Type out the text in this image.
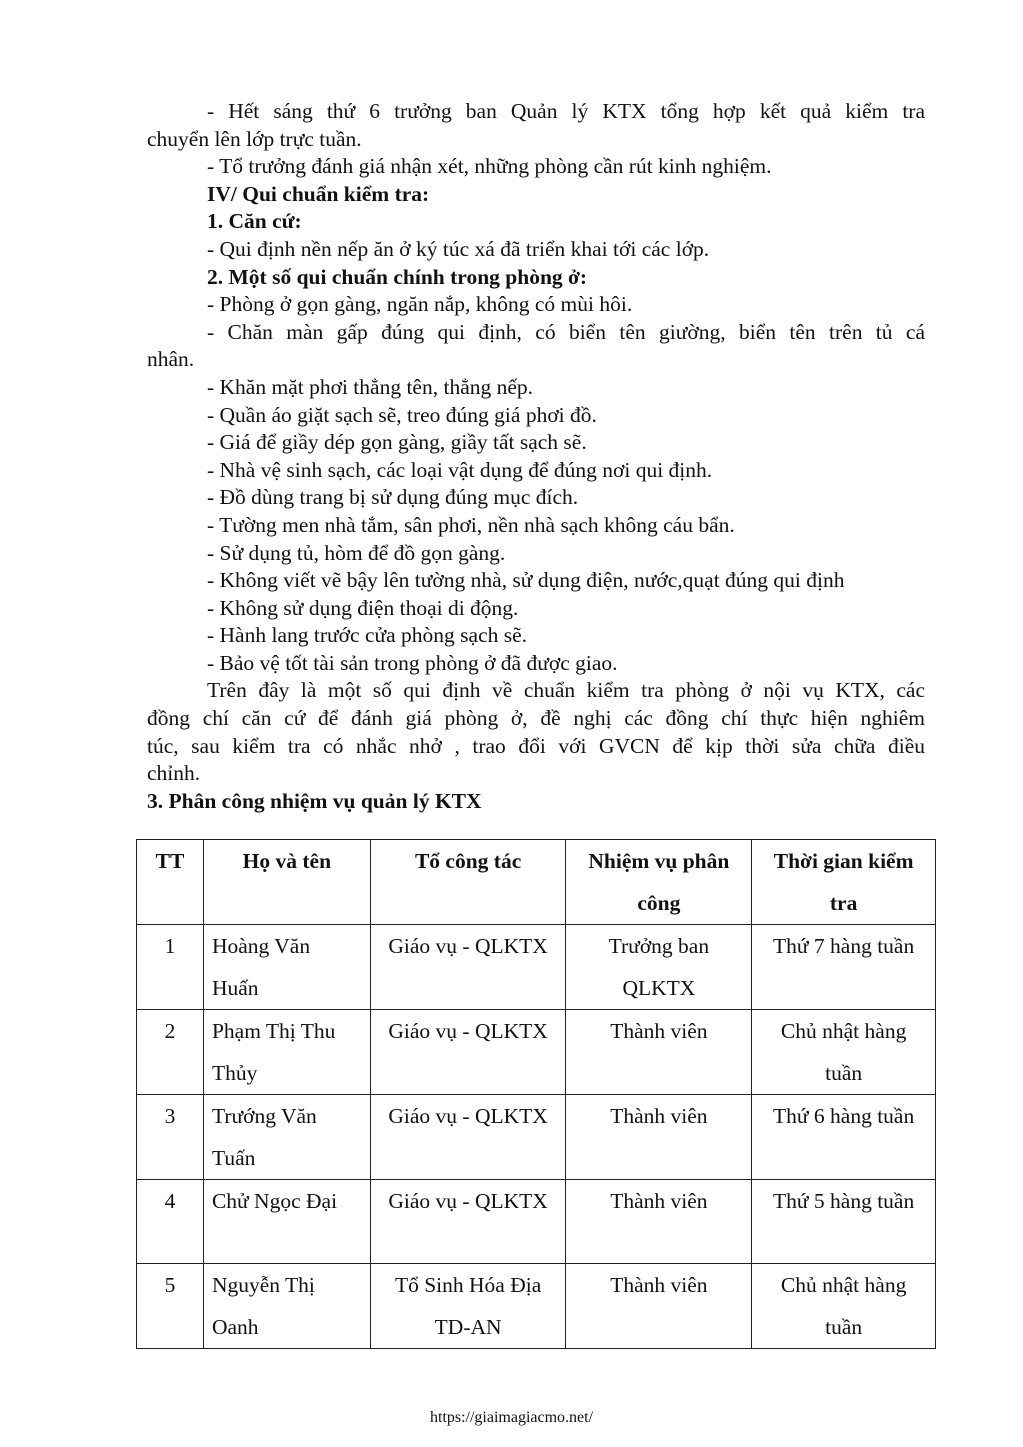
- Hết sáng thứ 6 trưởng ban Quản lý KTX tổng hợp kết quả kiểm tra

chuyển lên lớp trực tuần.

- Tổ trưởng đánh giá nhận xét, những phòng cần rút kinh nghiệm.

IV/ Qui chuẩn kiểm tra:

1. Căn cứ:

- Qui định nền nếp ăn ở ký túc xá đã triển khai tới các lớp.

2. Một số qui chuẩn chính trong phòng ở:

- Phòng ở gọn gàng, ngăn nắp, không có mùi hôi.

- Chăn màn gấp đúng qui định, có biển tên giường, biển tên trên tủ cá

nhân.

- Khăn mặt phơi thẳng tên, thẳng nếp.

- Quần áo giặt sạch sẽ, treo đúng giá phơi đồ.

- Giá để giầy dép gọn gàng, giầy tất sạch sẽ.

- Nhà vệ sinh sạch, các loại vật dụng để đúng nơi qui định.

- Đồ dùng trang bị sử dụng đúng mục đích.

- Tường men nhà tắm, sân phơi, nền nhà sạch không cáu bẩn.

- Sử dụng tủ, hòm để đồ gọn gàng.

- Không viết vẽ bậy lên tường nhà, sử dụng điện, nước,quạt đúng qui định

- Không sử dụng điện thoại di động.

- Hành lang trước cửa phòng sạch sẽ.

- Bảo vệ tốt tài sản trong phòng ở đã được giao.

Trên đây là một số qui định về chuẩn kiểm tra phòng ở nội vụ KTX, các

đồng chí căn cứ để đánh giá phòng ở, đề nghị các đồng chí thực hiện nghiêm

túc, sau kiểm tra có nhắc nhở , trao đổi với GVCN để kịp thời sửa chữa điều

chỉnh.

3. Phân công nhiệm vụ quản lý KTX

TT	Họ và tên	Tổ công tác	Nhiệm vụ phân công	Thời gian kiểm tra
1	Hoàng Văn Huấn	Giáo vụ - QLKTX	Trưởng ban QLKTX	Thứ 7 hàng tuần
2	Phạm Thị Thu Thủy	Giáo vụ - QLKTX	Thành viên	Chủ nhật hàng tuần
3	Trướng Văn Tuấn	Giáo vụ - QLKTX	Thành viên	Thứ 6 hàng tuần
4	Chử Ngọc Đại	Giáo vụ - QLKTX	Thành viên	Thứ 5 hàng tuần
5	Nguyễn Thị Oanh	Tổ Sinh Hóa Địa TD-AN	Thành viên	Chủ nhật hàng tuần
https://giaimagiacmo.net/
